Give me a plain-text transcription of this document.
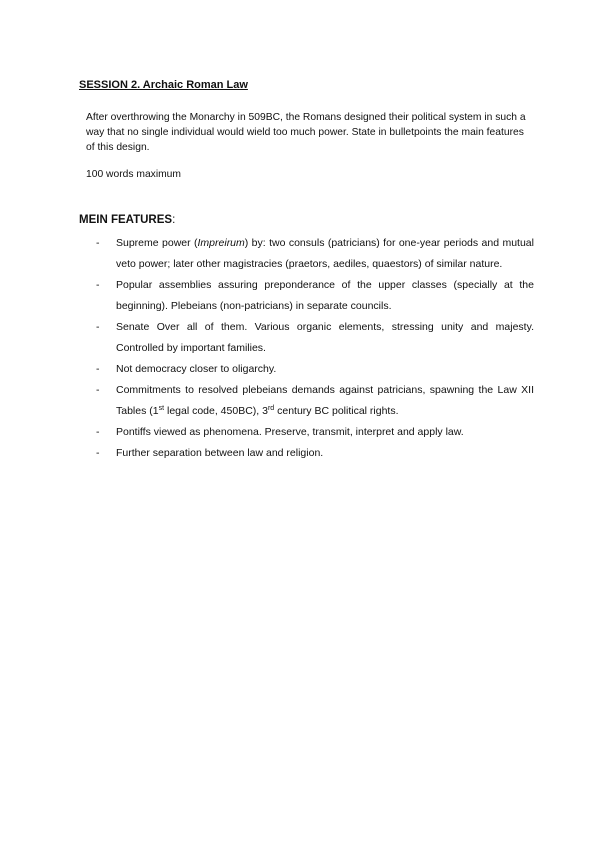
SESSION 2. Archaic Roman Law
After overthrowing the Monarchy in 509BC, the Romans designed their political system in such a way that no single individual would wield too much power. State in bulletpoints the main features of this design.
100 words maximum
MEIN FEATURES:
- Supreme power (Impreirum) by: two consuls (patricians) for one-year periods and mutual veto power; later other magistracies (praetors, aediles, quaestors) of similar nature.
- Popular assemblies assuring preponderance of the upper classes (specially at the beginning). Plebeians (non-patricians) in separate councils.
- Senate Over all of them. Various organic elements, stressing unity and majesty. Controlled by important families.
- Not democracy closer to oligarchy.
- Commitments to resolved plebeians demands against patricians, spawning the Law XII Tables (1st legal code, 450BC), 3rd century BC political rights.
- Pontiffs viewed as phenomena. Preserve, transmit, interpret and apply law.
- Further separation between law and religion.
